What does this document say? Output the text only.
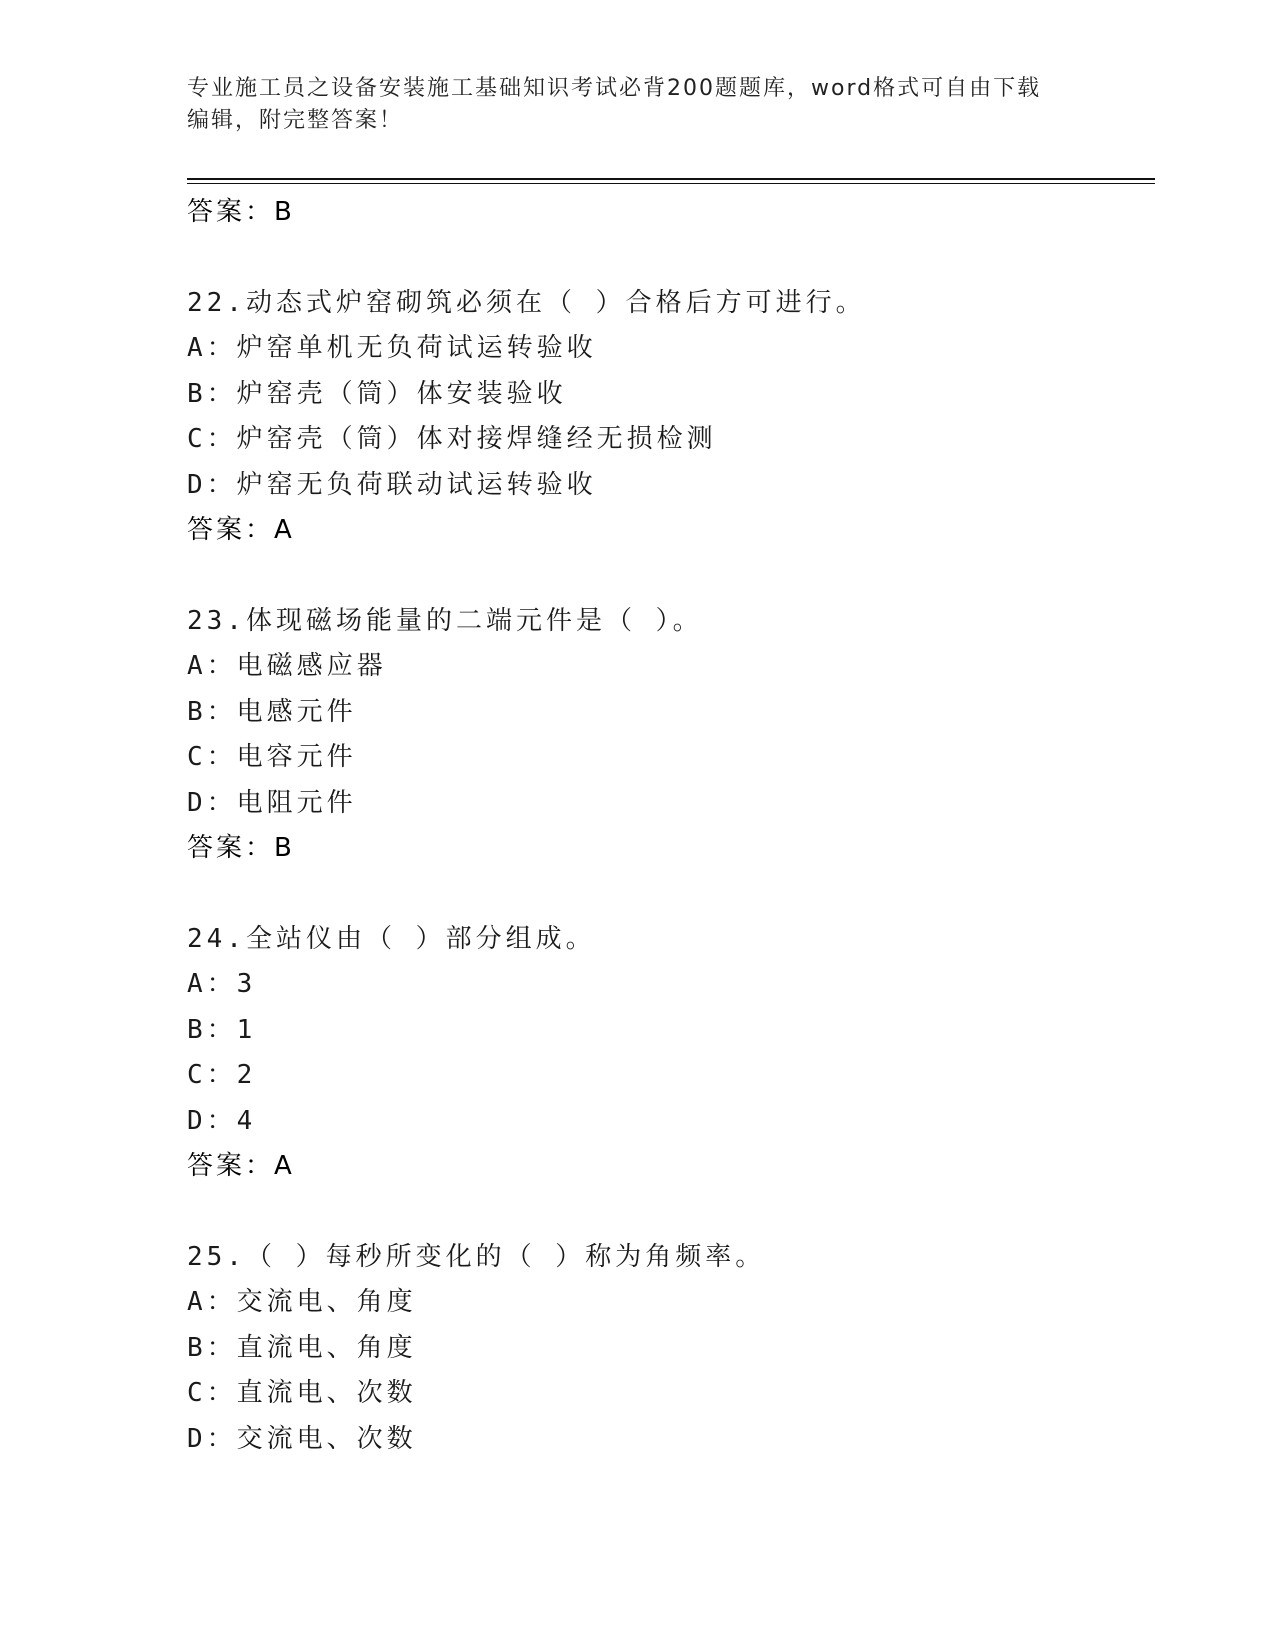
专业施工员之设备安装施工基础知识考试必背200题题库，word格式可自由下载
编辑，附完整答案！
答案：B
22.动态式炉窑砌筑必须在（ ）合格后方可进行。
A：炉窑单机无负荷试运转验收
B：炉窑壳（筒）体安装验收
C：炉窑壳（筒）体对接焊缝经无损检测
D：炉窑无负荷联动试运转验收
答案：A
23.体现磁场能量的二端元件是（ ）。
A：电磁感应器
B：电感元件
C：电容元件
D：电阻元件
答案：B
24.全站仪由（ ）部分组成。
A：3
B：1
C：2
D：4
答案：A
25.（ ）每秒所变化的（ ）称为角频率。
A：交流电、角度
B：直流电、角度
C：直流电、次数
D：交流电、次数
